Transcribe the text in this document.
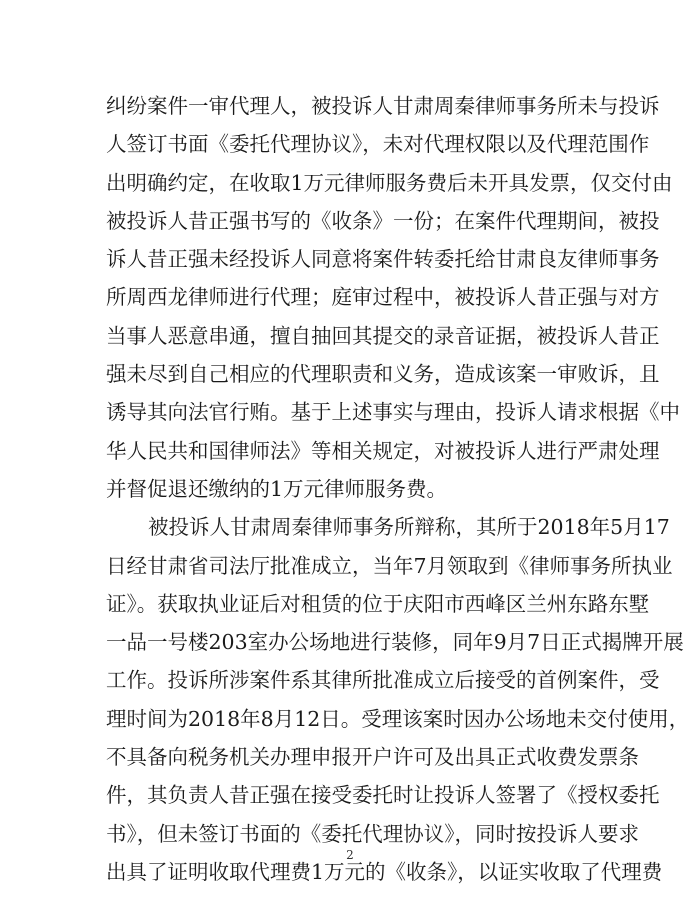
纠纷案件一审代理人，被投诉人甘肃周秦律师事务所未与投诉
人签订书面《委托代理协议》，未对代理权限以及代理范围作
出明确约定，在收取1万元律师服务费后未开具发票，仅交付由
被投诉人昔正强书写的《收条》一份；在案件代理期间，被投
诉人昔正强未经投诉人同意将案件转委托给甘肃良友律师事务
所周西龙律师进行代理；庭审过程中，被投诉人昔正强与对方
当事人恶意串通，擅自抽回其提交的录音证据，被投诉人昔正
强未尽到自己相应的代理职责和义务，造成该案一审败诉，且
诱导其向法官行贿。基于上述事实与理由，投诉人请求根据《中
华人民共和国律师法》等相关规定，对被投诉人进行严肃处理
并督促退还缴纳的1万元律师服务费。
被投诉人甘肃周秦律师事务所辩称，其所于2018年5月17
日经甘肃省司法厅批准成立，当年7月领取到《律师事务所执业
证》。获取执业证后对租赁的位于庆阳市西峰区兰州东路东墅
一品一号楼203室办公场地进行装修，同年9月7日正式揭牌开展
工作。投诉所涉案件系其律所批准成立后接受的首例案件，受
理时间为2018年8月12日。受理该案时因办公场地未交付使用，
不具备向税务机关办理申报开户许可及出具正式收费发票条
件，其负责人昔正强在接受委托时让投诉人签署了《授权委托
书》，但未签订书面的《委托代理协议》，同时按投诉人要求
出具了证明收取代理费1万元的《收条》，以证实收取了代理费
2
